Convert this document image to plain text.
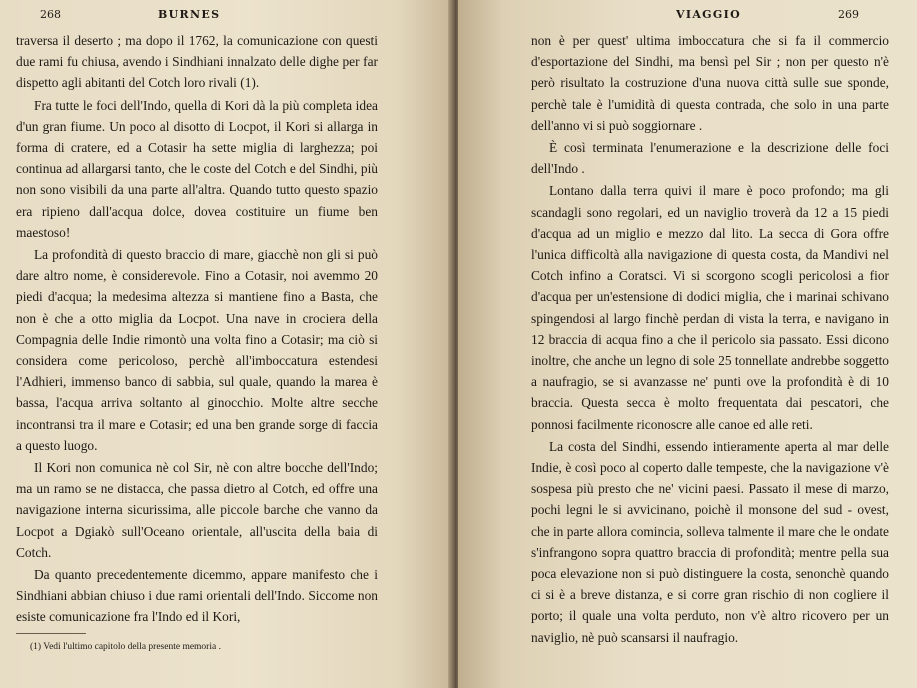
268	BURNES

traversa il deserto ; ma dopo il 1762, la comunicazione con questi due rami fu chiusa, avendo i Sindhiani innalzato delle dighe per far dispetto agli abitanti del Cotch loro rivali (1).

Fra tutte le foci dell'Indo, quella di Kori dà la più completa idea d'un gran fiume. Un poco al disotto di Locpot, il Kori si allarga in forma di cratere, ed a Cotasir ha sette miglia di larghezza; poi continua ad allargarsi tanto, che le coste del Cotch e del Sindhi, più non sono visibili da una parte all'altra. Quando tutto questo spazio era ripieno dall'acqua dolce, dovea costituire un fiume ben maestoso!

La profondità di questo braccio di mare, giacchè non gli si può dare altro nome, è considerevole. Fino a Cotasir, noi avemmo 20 piedi d'acqua; la medesima altezza si mantiene fino a Basta, che non è che a otto miglia da Locpot. Una nave in crociera della Compagnia delle Indie rimontò una volta fino a Cotasir; ma ciò si considera come pericoloso, perchè all'imboccatura estendesi l'Adhieri, immenso banco di sabbia, sul quale, quando la marea è bassa, l'acqua arriva soltanto al ginocchio. Molte altre secche incontransi tra il mare e Cotasir; ed una ben grande sorge di faccia a questo luogo.

Il Kori non comunica nè col Sir, nè con altre bocche dell'Indo; ma un ramo se ne distacca, che passa dietro al Cotch, ed offre una navigazione interna sicurissima, alle piccole barche che vanno da Locpot a Dgiakò sull'Oceano orientale, all'uscita della baia di Cotch.

Da quanto precedentemente dicemmo, appare manifesto che i Sindhiani abbian chiuso i due rami orientali dell'Indo. Siccome non esiste comunicazione fra l'Indo ed il Kori,

(1) Vedi l'ultimo capitolo della presente memoria .
VIAGGIO	269

non è per quest' ultima imboccatura che si fa il commercio d'esportazione del Sindhi, ma bensì pel Sir ; non per questo n'è però risultato la costruzione d'una nuova città sulle sue sponde, perchè tale è l'umidità di questa contrada, che solo in una parte dell'anno vi si può soggiornare .

È così terminata l'enumerazione e la descrizione delle foci dell'Indo .

Lontano dalla terra quivi il mare è poco profondo; ma gli scandagli sono regolari, ed un naviglio troverà da 12 a 15 piedi d'acqua ad un miglio e mezzo dal lito. La secca di Gora offre l'unica difficoltà alla navigazione di questa costa, da Mandivi nel Cotch infino a Coratsci. Vi si scorgono scogli pericolosi a fior d'acqua per un'estensione di dodici miglia, che i marinai schivano spingendosi al largo finchè perdan di vista la terra, e navigano in 12 braccia di acqua fino a che il pericolo sia passato. Essi dicono inoltre, che anche un legno di sole 25 tonnellate andrebbe soggetto a naufragio, se si avanzasse ne' punti ove la profondità è di 10 braccia. Questa secca è molto frequentata dai pescatori, che ponnosi facilmente riconoscre alle canoe ed alle reti.

La costa del Sindhi, essendo intieramente aperta al mar delle Indie, è così poco al coperto dalle tempeste, che la navigazione v'è sospesa più presto che ne' vicini paesi. Passato il mese di marzo, pochi legni le si avvicinano, poichè il monsone del sud - ovest, che in parte allora comincia, solleva talmente il mare che le ondate s'infrangono sopra quattro braccia di profondità; mentre pella sua poca elevazione non si può distinguere la costa, senonchè quando ci si è a breve distanza, e si corre gran rischio di non cogliere il porto; il quale una volta perduto, non v'è altro ricovero per un naviglio, nè può scansarsi il naufragio.
